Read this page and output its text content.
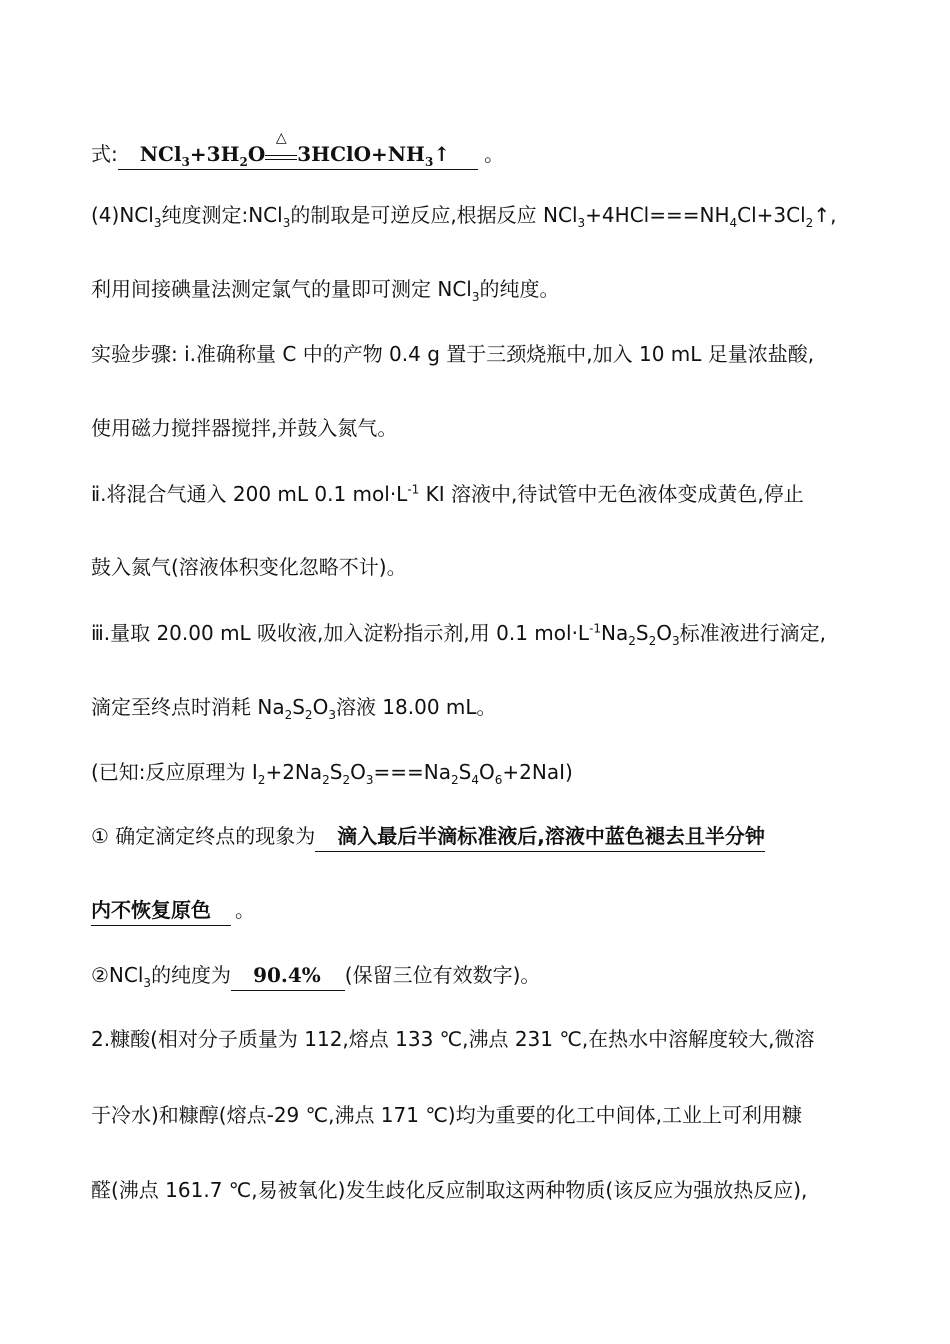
式: $NCl_3+3H_2O$
△
$3HClO+NH_3↑$ 。
(4)NCl$_3$纯度测定:NCl$_3$的制取是可逆反应,根据反应 $NCl_3+4HCl===NH_4Cl+3Cl_2↑$,
利用间接碘量法测定氯气的量即可测定 NCl$_3$的纯度。
实验步骤: ⅰ.准确称量 C 中的产物 0.4 g 置于三颈烧瓶中,加入 10 mL 足量浓盐酸,
使用磁力搅拌器搅拌,并鼓入氮气。
ⅱ.将混合气通入 200 mL 0.1 $mol\cdot L^{-1}$ KI 溶液中,待试管中无色液体变成黄色,停止
鼓入氮气(溶液体积变化忽略不计)。
ⅲ.量取 20.00 mL 吸收液,加入淀粉指示剂,用 0.1 $mol\cdot L^{-1}Na_2S_2O_3$标准液进行滴定,
滴定至终点时消耗 $Na_2S_2O_3$溶液 18.00 mL。
(已知:反应原理为 $I_2+2Na_2S_2O_3===Na_2S_4O_6+2NaI$)
① 确定滴定终点的现象为 滴入最后半滴标准液后,溶液中蓝色褪去且半分钟
内不恢复原色 。
②NCl$_3$的纯度为 90.4% (保留三位有效数字)。
2.糠酸(相对分子质量为 112,熔点 133 ℃,沸点 231 ℃,在热水中溶解度较大,微溶
于冷水)和糠醇(熔点-29 ℃,沸点 171 ℃)均为重要的化工中间体,工业上可利用糠
醛(沸点 161.7 ℃,易被氧化)发生歧化反应制取这两种物质(该反应为强放热反应),
